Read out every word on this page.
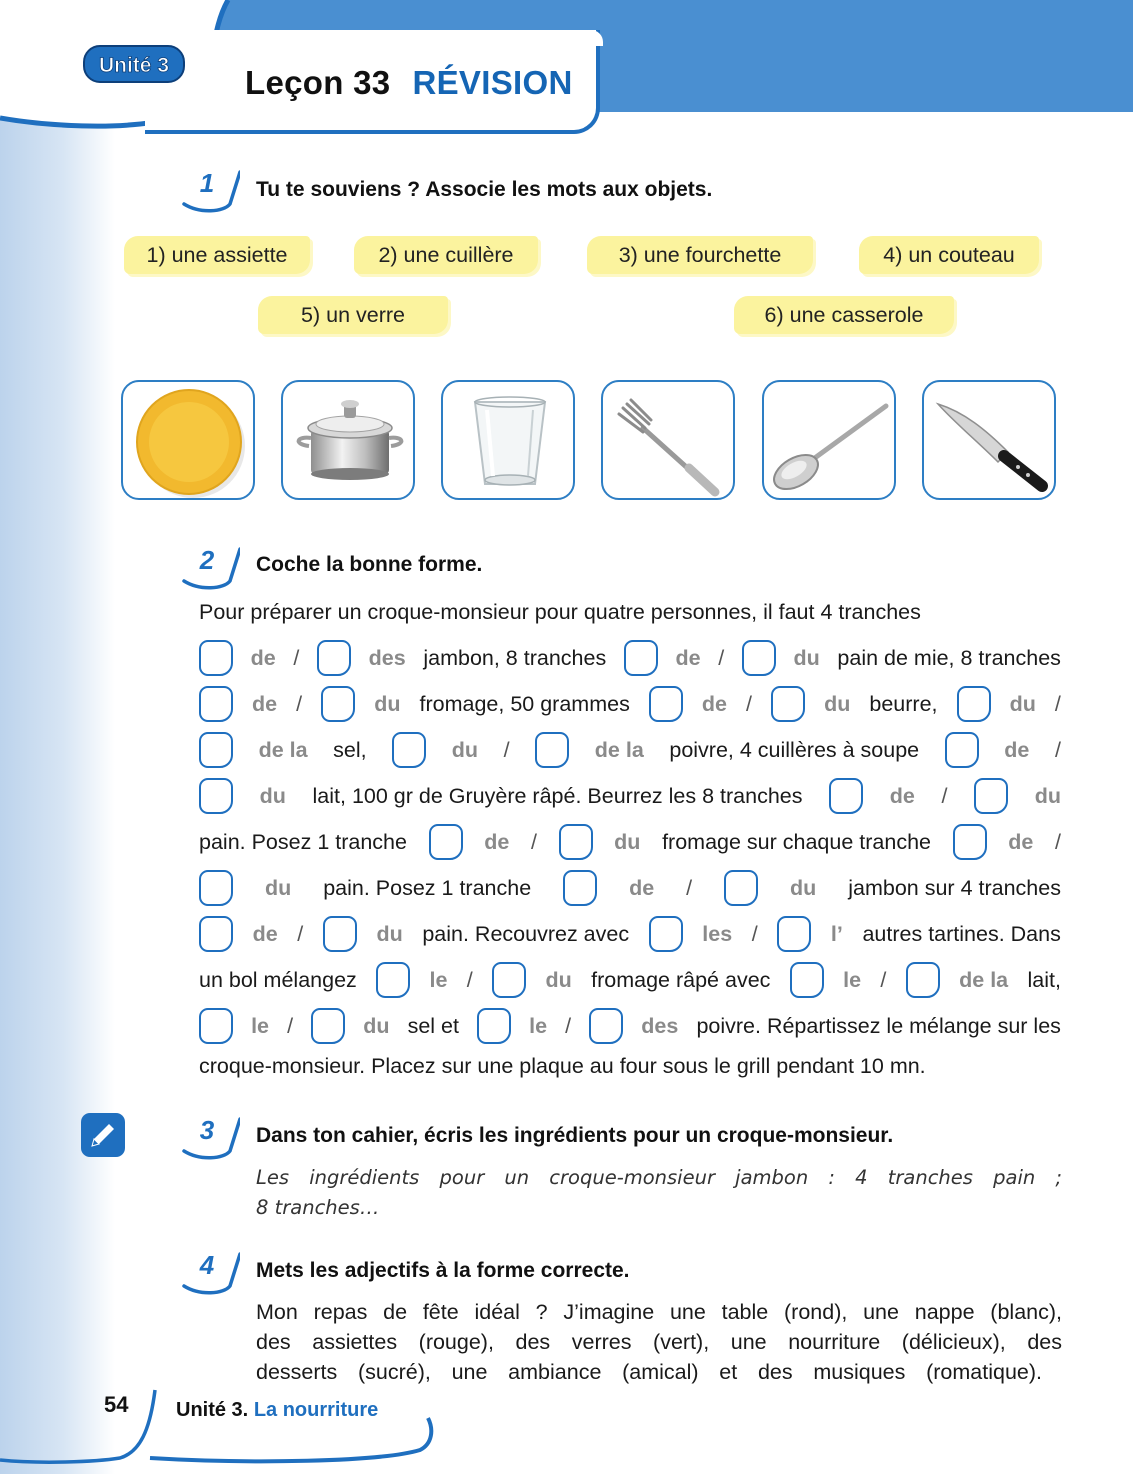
Unité 3 Leçon 33 RÉVISION
1	Tu te souviens ? Associe les mots aux objets.
1) une assiette	2) une cuillère	3) une fourchette	4) un couteau
5) un verre	6) une casserole
2	Coche la bonne forme.
Pour préparer un croque-monsieur pour quatre personnes, il faut 4 tranches
de /	des jambon, 8 tranches	de /	du pain de mie, 8 tranches
de /	du fromage, 50 grammes	de /	du beurre,	du /
de la sel,	du /	de la poivre, 4 cuillères à soupe	de /
du lait, 100 gr de Gruyère râpé. Beurrez les 8 tranches	de /	du
pain. Posez 1 tranche	de /	du fromage sur chaque tranche	de /
du pain. Posez 1 tranche	de /	du jambon sur 4 tranches
de /	du pain. Recouvrez avec	les /	l’ autres tartines. Dans
un bol mélangez	le /	du fromage râpé avec	le /	de la lait,
le /	du sel et	le /	des poivre. Répartissez le mélange sur les
croque-monsieur. Placez sur une plaque au four sous le grill pendant 10 mn.
3	Dans ton cahier, écris les ingrédients pour un croque-monsieur.
Les ingrédients pour un croque-monsieur jambon : 4 tranches pain ;
8 tranches…
4	Mets les adjectifs à la forme correcte.
Mon repas de fête idéal ? J’imagine une table (rond), une nappe (blanc),
des assiettes (rouge), des verres (vert), une nourriture (délicieux), des
desserts (sucré), une ambiance (amical) et des musiques (romatique).
54 Unité 3. La nourriture
